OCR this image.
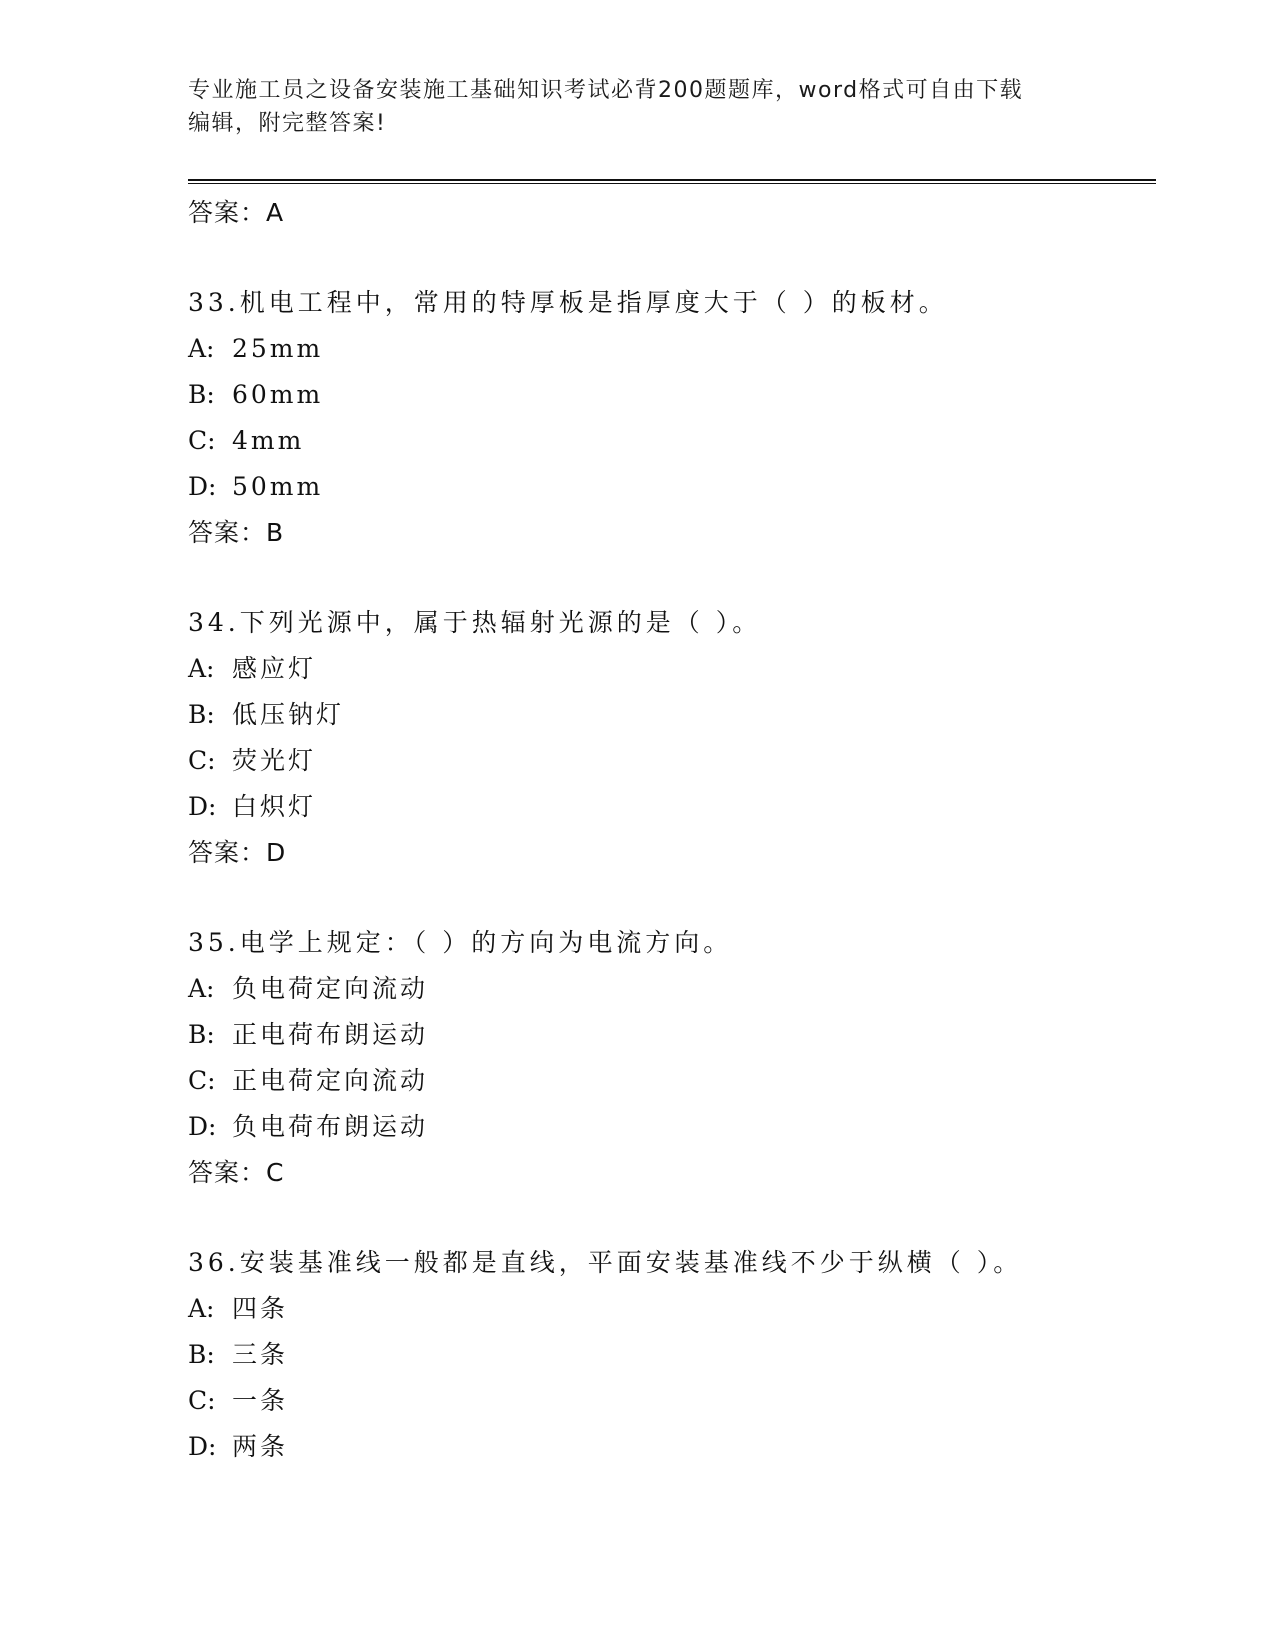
专业施工员之设备安装施工基础知识考试必背200题题库，word格式可自由下载
编辑，附完整答案!
答案：A
33.机电工程中，常用的特厚板是指厚度大于（ ）的板材。
A: 25mm
B: 60mm
C: 4mm
D: 50mm
答案：B
34.下列光源中，属于热辐射光源的是（ ）。
A: 感应灯
B: 低压钠灯
C: 荧光灯
D: 白炽灯
答案：D
35.电学上规定：（ ）的方向为电流方向。
A: 负电荷定向流动
B: 正电荷布朗运动
C: 正电荷定向流动
D: 负电荷布朗运动
答案：C
36.安装基准线一般都是直线，平面安装基准线不少于纵横（ ）。
A: 四条
B: 三条
C: 一条
D: 两条
